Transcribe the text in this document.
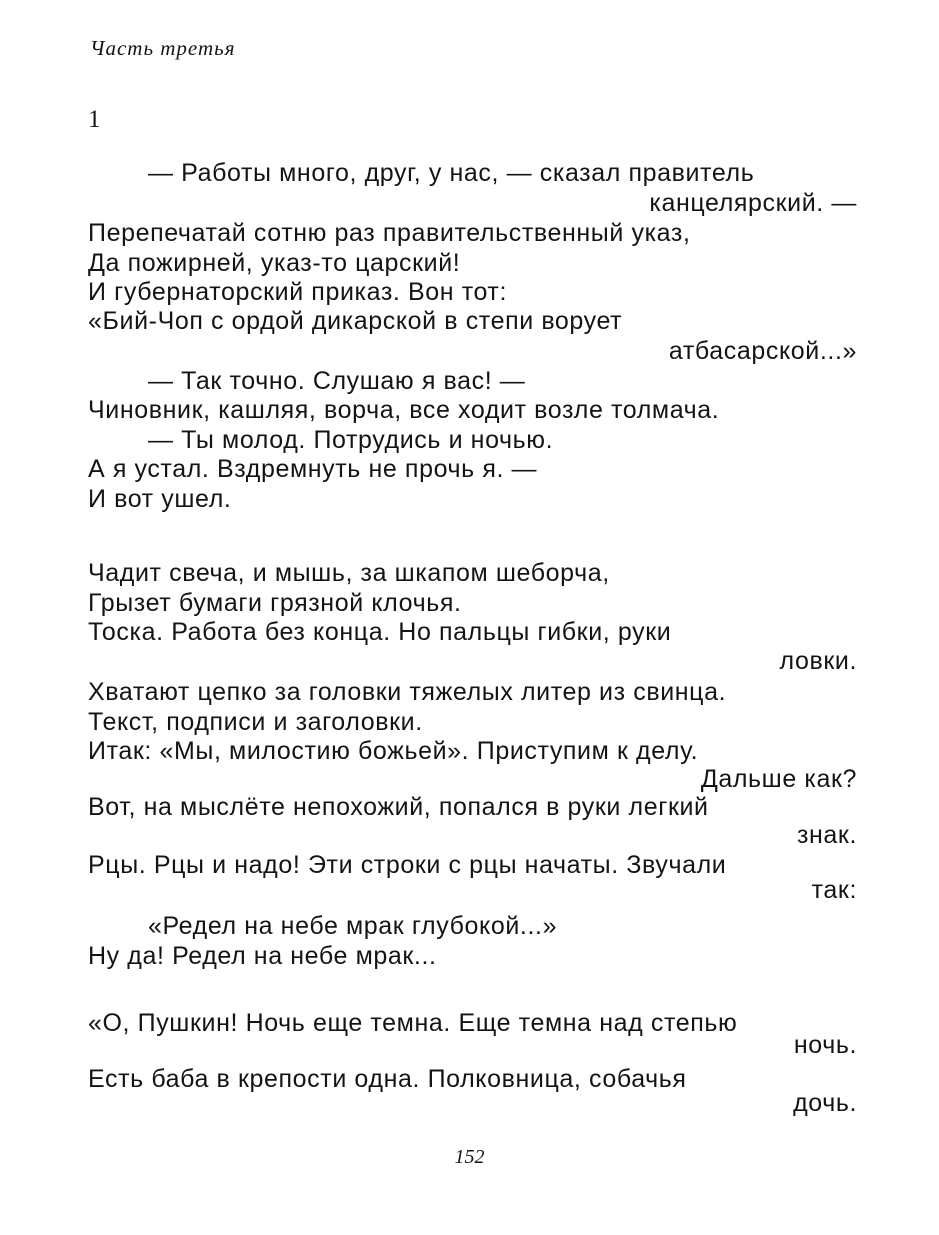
Часть третья
1
— Работы много, друг, у нас, — сказал правитель
канцелярский. —
Перепечатай сотню раз правительственный указ,
Да пожирней, указ-то царский!
И губернаторский приказ. Вон тот:
«Бий-Чоп с ордой дикарской в степи ворует
атбасарской...»
— Так точно. Слушаю я вас! —
Чиновник, кашляя, ворча, все ходит возле толмача.
— Ты молод. Потрудись и ночью.
А я устал. Вздремнуть не прочь я. —
И вот ушел.
Чадит свеча, и мышь, за шкапом шеборча,
Грызет бумаги грязной клочья.
Тоска. Работа без конца. Но пальцы гибки, руки
ловки.
Хватают цепко за головки тяжелых литер из свинца.
Текст, подписи и заголовки.
Итак: «Мы, милостию божьей». Приступим к делу.
Дальше как?
Вот, на мыслёте непохожий, попался в руки легкий
знак.
Рцы. Рцы и надо! Эти строки с рцы начаты. Звучали
так:
«Редел на небе мрак глубокой...»
Ну да! Редел на небе мрак...
«О, Пушкин! Ночь еще темна. Еще темна над степью
ночь.
Есть баба в крепости одна. Полковница, собачья
дочь.
152
